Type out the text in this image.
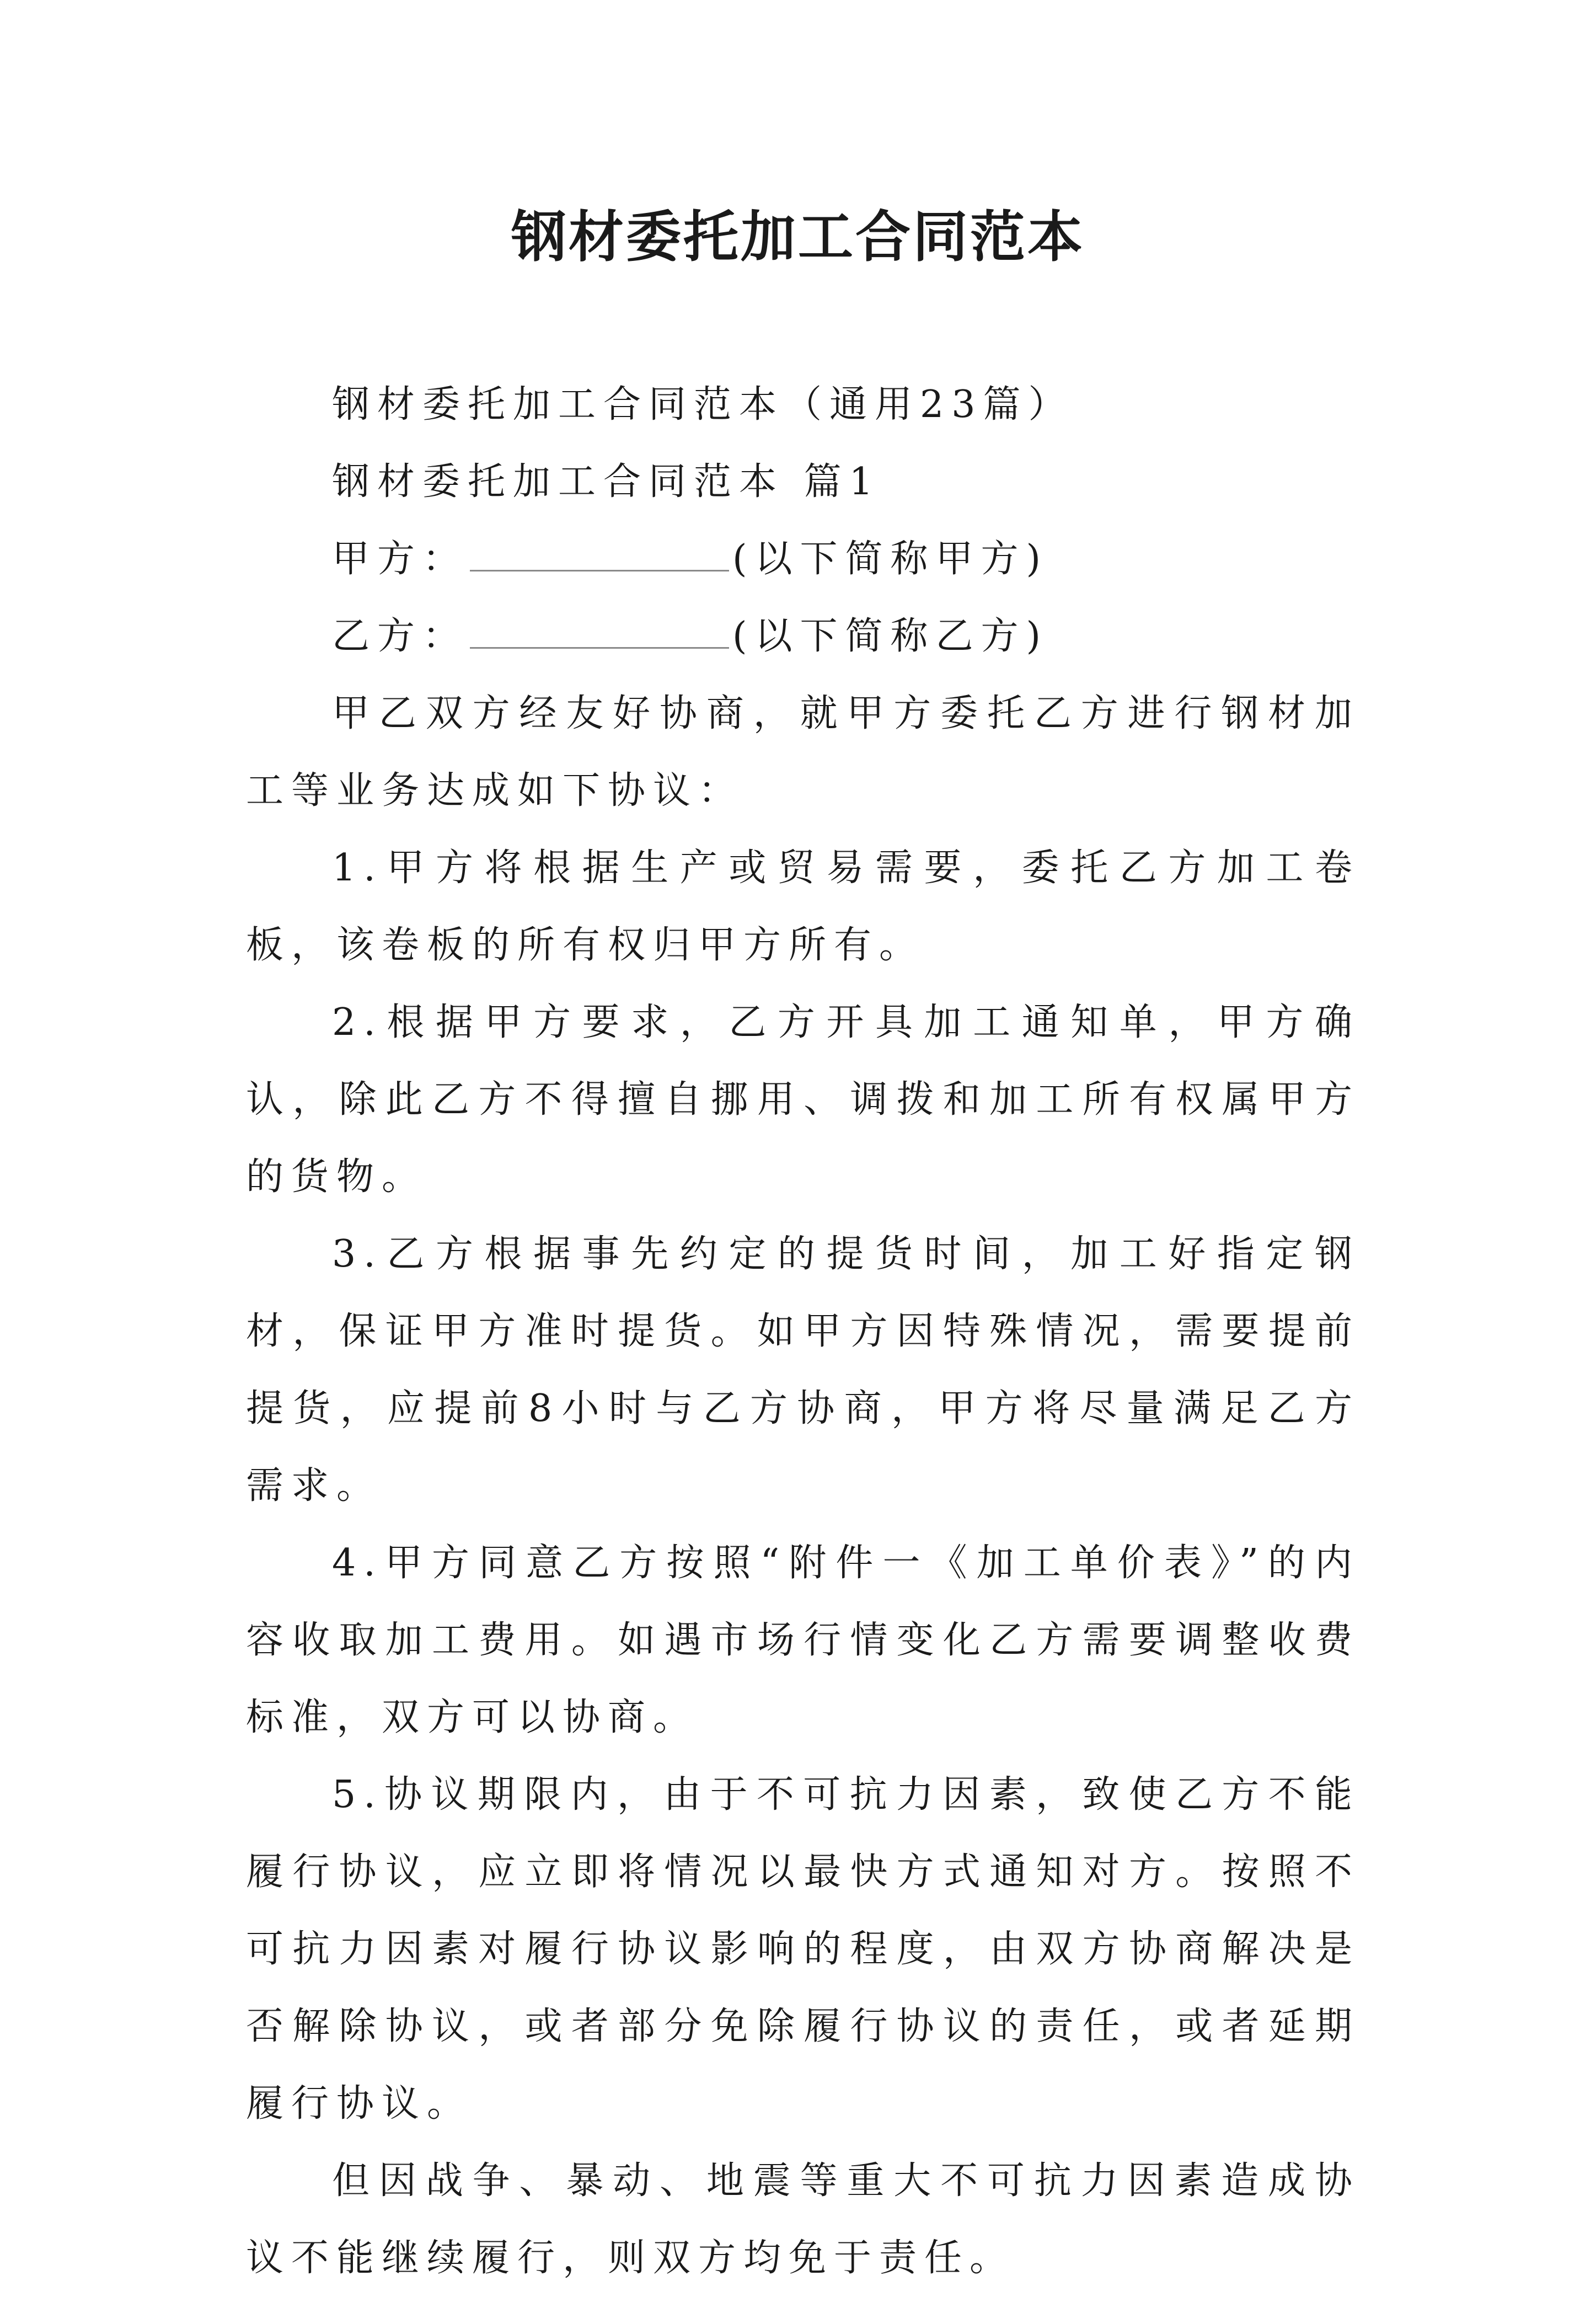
钢材委托加工合同范本

钢材委托加工合同范本（通用23篇）

钢材委托加工合同范本 篇1

甲方：	(以下简称甲方)

乙方：	(以下简称乙方)

甲乙双方经友好协商，就甲方委托乙方进行钢材加工等业务达成如下协议：

1.甲方将根据生产或贸易需要，委托乙方加工卷板，该卷板的所有权归甲方所有。

2.根据甲方要求，乙方开具加工通知单，甲方确认，除此乙方不得擅自挪用、调拨和加工所有权属甲方的货物。

3.乙方根据事先约定的提货时间，加工好指定钢材，保证甲方准时提货。如甲方因特殊情况，需要提前提货，应提前8小时与乙方协商，甲方将尽量满足乙方需求。

4.甲方同意乙方按照“附件一《加工单价表》”的内容收取加工费用。如遇市场行情变化乙方需要调整收费标准，双方可以协商。

5.协议期限内，由于不可抗力因素，致使乙方不能履行协议，应立即将情况以最快方式通知对方。按照不可抗力因素对履行协议影响的程度，由双方协商解决是否解除协议，或者部分免除履行协议的责任，或者延期履行协议。

但因战争、暴动、地震等重大不可抗力因素造成协议不能继续履行，则双方均免于责任。
